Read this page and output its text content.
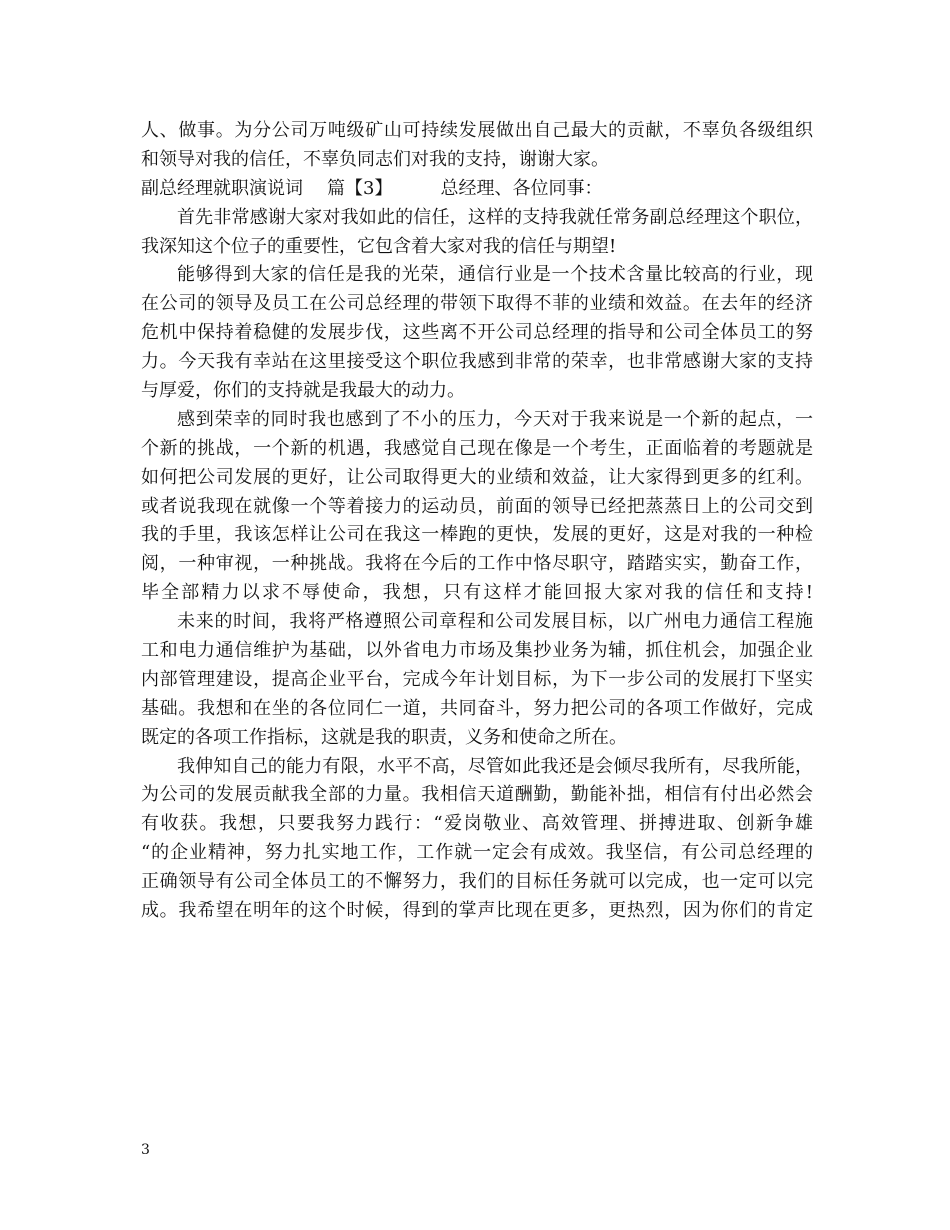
人、做事。为分公司万吨级矿山可持续发展做出自己最大的贡献，不辜负各级组织
和领导对我的信任，不辜负同志们对我的支持，谢谢大家。
副总经理就职演说词 篇【3】	总经理、各位同事：
首先非常感谢大家对我如此的信任，这样的支持我就任常务副总经理这个职位，
我深知这个位子的重要性，它包含着大家对我的信任与期望!
能够得到大家的信任是我的光荣，通信行业是一个技术含量比较高的行业，现
在公司的领导及员工在公司总经理的带领下取得不菲的业绩和效益。在去年的经济
危机中保持着稳健的发展步伐，这些离不开公司总经理的指导和公司全体员工的努
力。今天我有幸站在这里接受这个职位我感到非常的荣幸，也非常感谢大家的支持
与厚爱，你们的支持就是我最大的动力。
感到荣幸的同时我也感到了不小的压力，今天对于我来说是一个新的起点，一
个新的挑战，一个新的机遇，我感觉自己现在像是一个考生，正面临着的考题就是
如何把公司发展的更好，让公司取得更大的业绩和效益，让大家得到更多的红利。
或者说我现在就像一个等着接力的运动员，前面的领导已经把蒸蒸日上的公司交到
我的手里，我该怎样让公司在我这一棒跑的更快，发展的更好，这是对我的一种检
阅，一种审视，一种挑战。我将在今后的工作中恪尽职守，踏踏实实，勤奋工作，
毕全部精力以求不辱使命，我想，只有这样才能回报大家对我的信任和支持!
未来的时间，我将严格遵照公司章程和公司发展目标，以广州电力通信工程施
工和电力通信维护为基础，以外省电力市场及集抄业务为辅，抓住机会，加强企业
内部管理建设，提高企业平台，完成今年计划目标，为下一步公司的发展打下坚实
基础。我想和在坐的各位同仁一道，共同奋斗，努力把公司的各项工作做好，完成
既定的各项工作指标，这就是我的职责，义务和使命之所在。
我伸知自己的能力有限，水平不高，尽管如此我还是会倾尽我所有，尽我所能，
为公司的发展贡献我全部的力量。我相信天道酬勤，勤能补拙，相信有付出必然会
有收获。我想，只要我努力践行：“爱岗敬业、高效管理、拼搏进取、创新争雄
“的企业精神，努力扎实地工作，工作就一定会有成效。我坚信，有公司总经理的
正确领导有公司全体员工的不懈努力，我们的目标任务就可以完成，也一定可以完
成。我希望在明年的这个时候，得到的掌声比现在更多，更热烈，因为你们的肯定
3
